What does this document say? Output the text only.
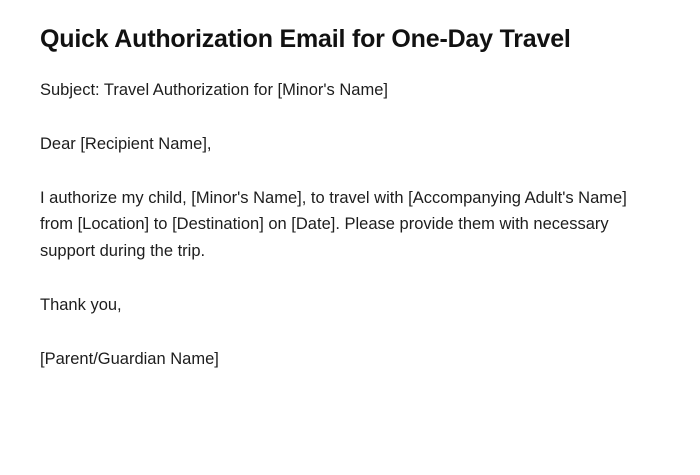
Quick Authorization Email for One-Day Travel

Subject: Travel Authorization for [Minor's Name]

Dear [Recipient Name],

I authorize my child, [Minor's Name], to travel with [Accompanying Adult's Name] from [Location] to [Destination] on [Date]. Please provide them with necessary support during the trip.

Thank you,

[Parent/Guardian Name]
